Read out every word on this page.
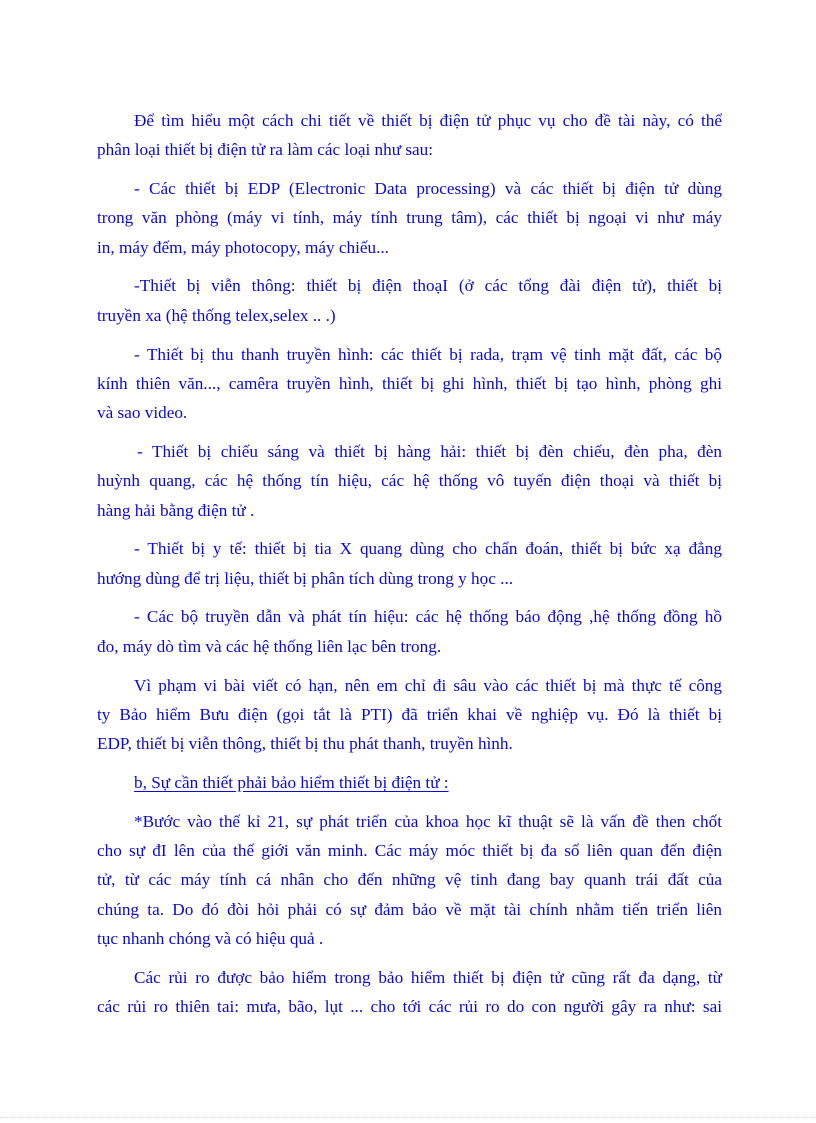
Để tìm hiểu một cách chi tiết về thiết bị điện tử phục vụ cho đề tài này, có thể
phân loại thiết bị điện tử ra làm các loại như sau:

- Các thiết bị EDP (Electronic Data processing) và các thiết bị điện tử dùng
trong văn phòng (máy vi tính, máy tính trung tâm), các thiết bị ngoại vi như máy
in, máy đếm, máy photocopy, máy chiếu...

-Thiết bị viễn thông: thiết bị điện thoạI (ở các tổng đài điện tử), thiết bị
truyền xa (hệ thống telex,selex .. .)

- Thiết bị thu thanh truyền hình: các thiết bị rada, trạm vệ tinh mặt đất, các bộ
kính thiên văn..., camêra truyền hình, thiết bị ghi hình, thiết bị tạo hình, phòng ghi
và sao video.

- Thiết bị chiếu sáng và thiết bị hàng hải: thiết bị đèn chiếu, đèn pha, đèn
huỳnh quang, các hệ thống tín hiệu, các hệ thống vô tuyến điện thoại và thiết bị
hàng hải bằng điện tử .

- Thiết bị y tế: thiết bị tia X quang dùng cho chẩn đoán, thiết bị bức xạ đẳng
hướng dùng để trị liệu, thiết bị phân tích dùng trong y học ...

- Các bộ truyền dẫn và phát tín hiệu: các hệ thống báo động ,hệ thống đồng hồ
đo, máy dò tìm và các hệ thống liên lạc bên trong.

Vì phạm vi bài viết có hạn, nên em chỉ đi sâu vào các thiết bị mà thực tế công
ty Bảo hiểm Bưu điện (gọi tắt là PTI) đã triển khai về nghiệp vụ. Đó là thiết bị
EDP, thiết bị viễn thông, thiết bị thu phát thanh, truyền hình.

b, Sự cần thiết phải bảo hiểm thiết bị điện tử :

*Bước vào thế kỉ 21, sự phát triển của khoa học kĩ thuật sẽ là vấn đề then chốt
cho sự đI lên của thế giới văn minh. Các máy móc thiết bị đa số liên quan đến điện
tử, từ các máy tính cá nhân cho đến những vệ tinh đang bay quanh trái đất của
chúng ta. Do đó đòi hỏi phải có sự đảm bảo về mặt tài chính nhằm tiến triển liên
tục nhanh chóng và có hiệu quả .

Các rủi ro được bảo hiểm trong bảo hiểm thiết bị điện tử cũng rất đa dạng, từ
các rủi ro thiên tai: mưa, bão, lụt ... cho tới các rủi ro do con người gây ra như: sai
